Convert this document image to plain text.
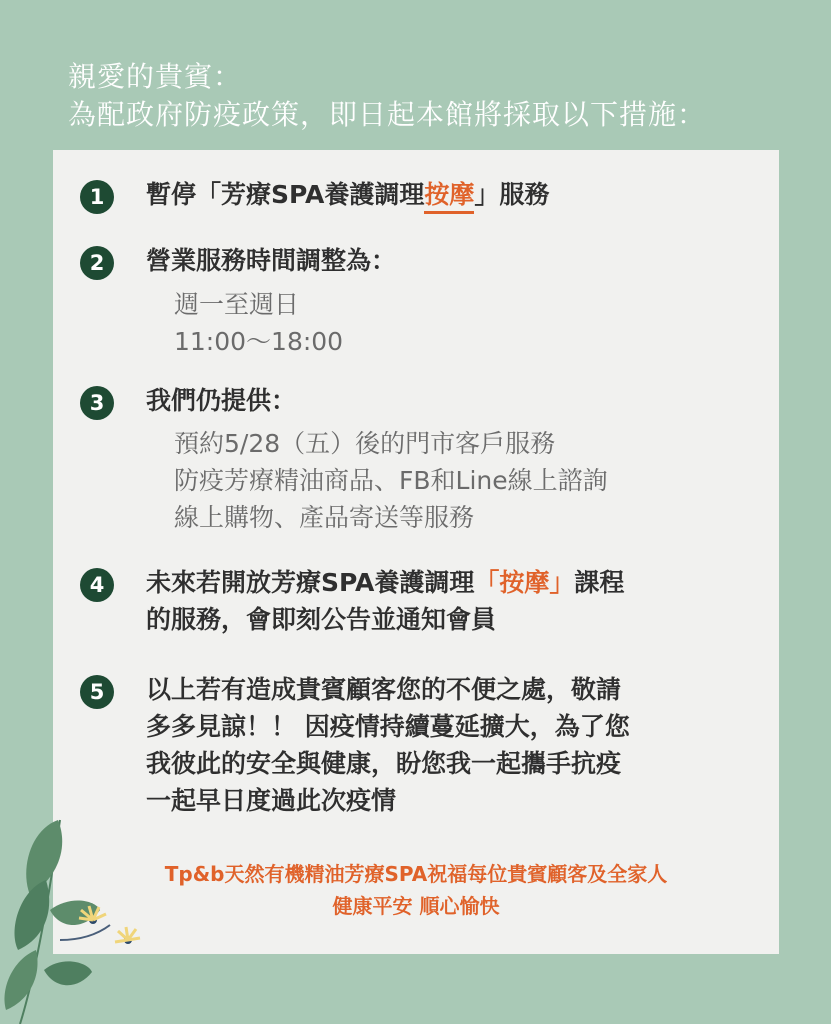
親愛的貴賓：
為配政府防疫政策，即日起本館將採取以下措施：
1	暫停「芳療SPA養護調理按摩」服務
2	營業服務時間調整為：
週一至週日
11:00～18:00
3	我們仍提供：
預約5/28（五）後的門市客戶服務
防疫芳療精油商品、FB和Line線上諮詢
線上購物、產品寄送等服務
4	未來若開放芳療SPA養護調理「按摩」課程
的服務，會即刻公告並通知會員
5	以上若有造成貴賓顧客您的不便之處，敬請
多多見諒！！ 因疫情持續蔓延擴大，為了您
我彼此的安全與健康，盼您我一起攜手抗疫
一起早日度過此次疫情
Tp&b天然有機精油芳療SPA祝福每位貴賓顧客及全家人
健康平安 順心愉快
